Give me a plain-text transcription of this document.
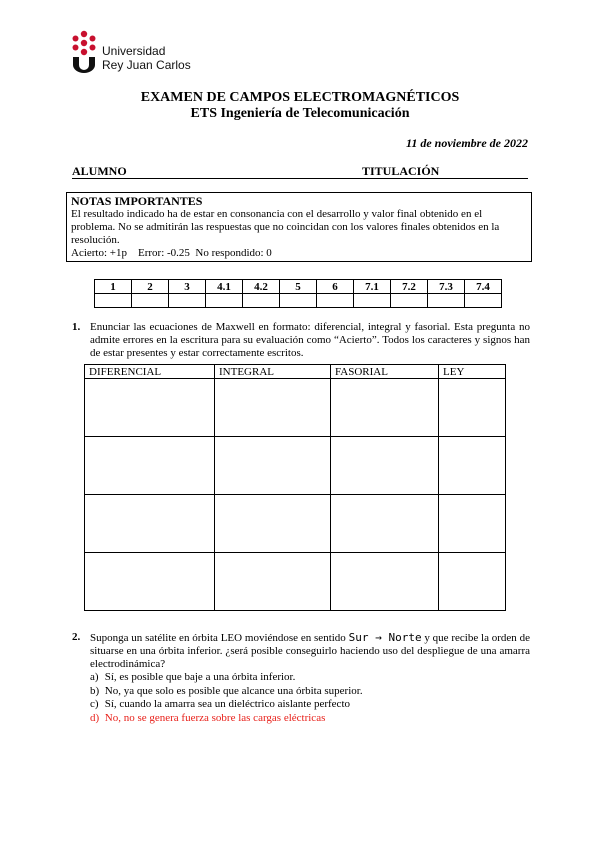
Universidad
Rey Juan Carlos
EXAMEN DE CAMPOS ELECTROMAGNÉTICOS
ETS Ingeniería de Telecomunicación
11 de noviembre de 2022
ALUMNO	TITULACIÓN
NOTAS IMPORTANTES
El resultado indicado ha de estar en consonancia con el desarrollo y valor final obtenido en el problema. No se admitirán las respuestas que no coincidan con los valores finales obtenidos en la resolución.
Acierto: +1p    Error: -0.25  No respondido: 0
1	2	3	4.1	4.2	5	6	7.1	7.2	7.3	7.4

1. Enunciar las ecuaciones de Maxwell en formato: diferencial, integral y fasorial. Esta pregunta no admite errores en la escritura para su evaluación como “Acierto”. Todos los caracteres y signos han de estar presentes y estar correctamente escritos.
DIFERENCIAL	INTEGRAL	FASORIAL	LEY

2. Suponga un satélite en órbita LEO moviéndose en sentido Sur → Norte y que recibe la orden de situarse en una órbita inferior. ¿será posible conseguirlo haciendo uso del despliegue de una amarra electrodinámica?
a) Sí, es posible que baje a una órbita inferior.
b) No, ya que solo es posible que alcance una órbita superior.
c) Sí, cuando la amarra sea un dieléctrico aislante perfecto
d) No, no se genera fuerza sobre las cargas eléctricas
